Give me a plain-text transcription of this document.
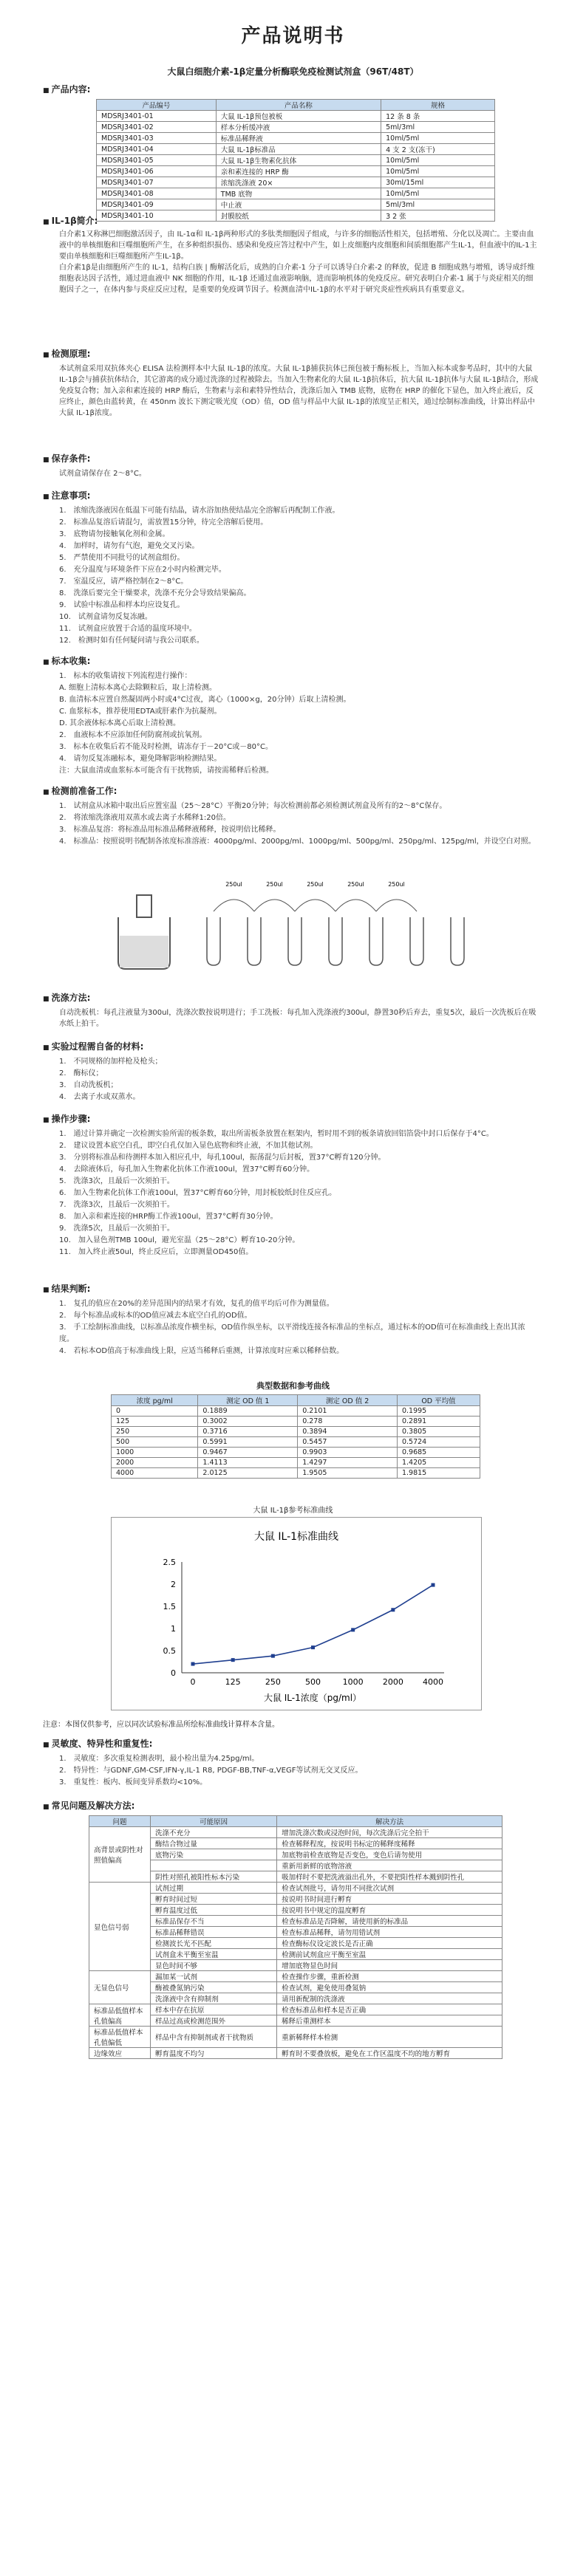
产品说明书
大鼠白细胞介素-1β定量分析酶联免疫检测试剂盒（96T/48T）
■ 产品内容:
产品编号	产品名称	规格
MDSRJ3401-01	大鼠 IL-1β预包被板	12 条 8 条
MDSRJ3401-02	样本分析缓冲液	5ml/3ml
MDSRJ3401-03	标准品稀释液	10ml/5ml
MDSRJ3401-04	大鼠 IL-1β标准品	4 支 2 支(冻干)
MDSRJ3401-05	大鼠 IL-1β生物素化抗体	10ml/5ml
MDSRJ3401-06	亲和素连接的 HRP 酶	10ml/5ml
MDSRJ3401-07	浓缩洗涤液 20×	30ml/15ml
MDSRJ3401-08	TMB 底物	10ml/5ml
MDSRJ3401-09	中止液	5ml/3ml
MDSRJ3401-10	封膜胶纸	3 2 张
■ IL-1β简介:

白介素1又称淋巴细胞激活因子，由 IL-1α和 IL-1β两种形式的多肽类细胞因子组成，与许多的细胞活性相关，包括增殖、分化以及凋亡。主要由血液中的单核细胞和巨噬细胞所产生，在多种组织损伤、感染和免疫应答过程中产生，如上皮细胞内皮细胞和间质细胞都产生IL-1，但血液中的IL-1主要由单核细胞和巨噬细胞所产生IL-1β。
白介素1β是由细胞所产生的 IL-1，结构白族 | 酶解活化后，成熟的白介素-1 分子可以诱导白介素-2 的释放，促进 B 细胞成熟与增殖，诱导成纤维细胞表达因子活性，通过进血液中 NK 细胞的作用，IL-1β 还通过血液影响脑，进而影响机体的免疫反应。研究表明白介素-1 属于与炎症相关的细胞因子之一，在体内参与炎症反应过程，是重要的免疫调节因子。检测血清中IL-1β的水平对于研究炎症性疾病具有重要意义。

■ 检测原理:

本试剂盒采用双抗体夹心 ELISA 法检测样本中大鼠 IL-1β的浓度。大鼠 IL-1β捕获抗体已预包被于酶标板上，当加入标本或参考品时，其中的大鼠 IL-1β会与捕获抗体结合，其它游离的成分通过洗涤的过程被除去。当加入生物素化的大鼠 IL-1β抗体后，抗大鼠 IL-1β抗体与大鼠 IL-1β结合，形成免疫复合物；加入亲和素连接的 HRP 酶后，生物素与亲和素特异性结合，洗涤后加入 TMB 底物，底物在 HRP 的催化下显色，加入终止液后，反应终止，颜色由蓝转黄，在 450nm 波长下测定吸光度（OD）值，OD 值与样品中大鼠 IL-1β的浓度呈正相关，通过绘制标准曲线，计算出样品中大鼠 IL-1β浓度。

■ 保存条件:

试剂盒请保存在 2～8°C。

■ 注意事项:
1.　浓缩洗涤液因在低温下可能有结晶，请水浴加热使结晶完全溶解后再配制工作液。
2.　标准品复溶后请混匀，需放置15分钟，待完全溶解后使用。
3.　底物请勿接触氧化剂和金属。
4.　加样时，请勿有气泡，避免交叉污染。
5.　严禁使用不同批号的试剂盒组份。
6.　充分温度与环境条件下应在2小时内检测完毕。
7.　室温反应，请严格控制在2～8°C。
8.　洗涤后要完全干燥要求，洗涤不充分会导致结果偏高。
9.　试验中标准品和样本均应设复孔。
10.　试剂盒请勿反复冻融。
11.　试剂盒应放置于合适的温度环境中。
12.　检测时如有任何疑问请与我公司联系。
■ 标本收集:
1.　标本的收集请按下列流程进行操作：
A. 细胞上清标本离心去除颗粒后，取上清检测。
B. 血清标本应置自然凝固两小时或4°C过夜，离心（1000×g，20分钟）后取上清检测。
C. 血浆标本，推荐使用EDTA或肝素作为抗凝剂。
D. 其余液体标本离心后取上清检测。
2.　血液标本不应添加任何防腐剂或抗氧剂。
3.　标本在收集后若不能及时检测，请冻存于－20°C或－80°C。
4.　请勿反复冻融标本，避免降解影响检测结果。
注：大鼠血清或血浆标本可能含有干扰物质，请按需稀释后检测。
■ 检测前准备工作:
1.　试剂盒从冰箱中取出后应置室温（25～28°C）平衡20分钟；每次检测前都必须检测试剂盒及所有的2～8°C保存。
2.　将浓缩洗涤液用双蒸水或去离子水稀释1:20倍。
3.　标准品复溶：将标准品用标准品稀释液稀释，按说明倍比稀释。
4.　标准品：按照说明书配制各浓度标准溶液：4000pg/ml、2000pg/ml、1000pg/ml、500pg/ml、250pg/ml、125pg/ml，并设空白对照。
250ul	250ul	250ul	250ul	250ul
■ 洗涤方法:

自动洗板机：每孔注液量为300ul，洗涤次数按说明进行；手工洗板：每孔加入洗涤液约300ul，静置30秒后弃去，重复5次，最后一次洗板后在吸水纸上拍干。

■ 实验过程需自备的材料:
1.　不同规格的加样枪及枪头；
2.　酶标仪；
3.　自动洗板机；
4.　去离子水或双蒸水。
■ 操作步骤:
1.　通过计算并确定一次检测实验所需的板条数，取出所需板条放置在框架内，暂时用不到的板条请放回铝箔袋中封口后保存于4°C。
2.　建议设置本底空白孔，即空白孔仅加入显色底物和终止液，不加其他试剂。
3.　分别将标准品和待测样本加入相应孔中，每孔100ul，振荡混匀后封板，置37°C孵育120分钟。
4.　去除液体后，每孔加入生物素化抗体工作液100ul，置37°C孵育60分钟。
5.　洗涤3次，且最后一次须拍干。
6.　加入生物素化抗体工作液100ul，置37°C孵育60分钟，用封板胶纸封住反应孔。
7.　洗涤3次，且最后一次须拍干。
8.　加入亲和素连接的HRP酶工作液100ul，置37°C孵育30分钟。
9.　洗涤5次，且最后一次须拍干。
10.　加入显色剂TMB 100ul，避光室温（25～28°C）孵育10-20分钟。
11.　加入终止液50ul，终止反应后，立即测量OD450值。
■ 结果判断:
1.　复孔的值应在20%的差异范围内的结果才有效，复孔的值平均后可作为测量值。
2.　每个标准品或标本的OD值应减去本底空白孔的OD值。
3.　手工绘制标准曲线，以标准品浓度作横坐标，OD值作纵坐标，以平滑线连接各标准品的坐标点，通过标本的OD值可在标准曲线上查出其浓度。
4.　若标本OD值高于标准曲线上限，应适当稀释后重测，计算浓度时应乘以稀释倍数。
典型数据和参考曲线
浓度 pg/ml	测定 OD 值 1	测定 OD 值 2	OD 平均值
0	0.1889	0.2101	0.1995
125	0.3002	0.278	0.2891
250	0.3716	0.3894	0.3805
500	0.5991	0.5457	0.5724
1000	0.9467	0.9903	0.9685
2000	1.4113	1.4297	1.4205
4000	2.0125	1.9505	1.9815
大鼠 IL-1β参考标准曲线
大鼠 IL-1标准曲线
0
0.5
1
1.5
2
2.5
0	125	250	500	1000 2000 4000
大鼠 IL-1浓度（pg/ml）
注意：本图仅供参考，应以同次试验标准品所绘标准曲线计算样本含量。
■ 灵敏度、特异性和重复性:
1.　灵敏度：多次重复检测表明，最小检出量为4.25pg/ml。
2.　特异性：与GDNF,GM-CSF,IFN-γ,IL-1 R8, PDGF-BB,TNF-α,VEGF等试剂无交叉反应。
3.　重复性：板内、板间变异系数均<10%。
■ 常见问题及解决方法:
问题	可能原因	解决方法
高背景或阴性对照值偏高	洗涤不充分	增加洗涤次数或浸泡时间，每次洗涤后完全拍干
	酶结合物过量	检查稀释程度，按说明书标定的稀释度稀释
	底物污染	加底物前检查底物是否变色，变色后请勿使用
		重新用新鲜的底物溶液
	阴性对照孔被阳性标本污染	吸加样时不要把洗液溢出孔外，不要把阳性样本溅到阴性孔
显色信号弱	试剂过期	检查试剂批号，请勿用不同批次试剂
	孵育时间过短	按说明书时间进行孵育
	孵育温度过低	按说明书中规定的温度孵育
	标准品保存不当	检查标准品是否降解，请使用新的标准品
	标准品稀释错误	检查标准品稀释，请勿用错试剂
	检测波长光不匹配	检查酶标仪设定波长是否正确
	试剂盒未平衡至室温	检测前试剂盒应平衡至室温
	显色时间不够	增加底物显色时间
无显色信号	漏加某一试剂	检查操作步骤，重新检测
	酶被叠氮钠污染	检查试剂，避免使用叠氮钠
	洗涤液中含有抑制剂	请用新配制的洗涤液
标准品低值样本孔值偏高	样本中存在抗原	检查标准品和样本是否正确
	样品过高或检测范围外	稀释后重测样本
标准品低值样本孔值偏低	样品中含有抑制剂或者干扰物质	重新稀释样本检测
边缘效应	孵育温度不均匀	孵育时不要叠放板，避免在工作区温度不均的地方孵育
